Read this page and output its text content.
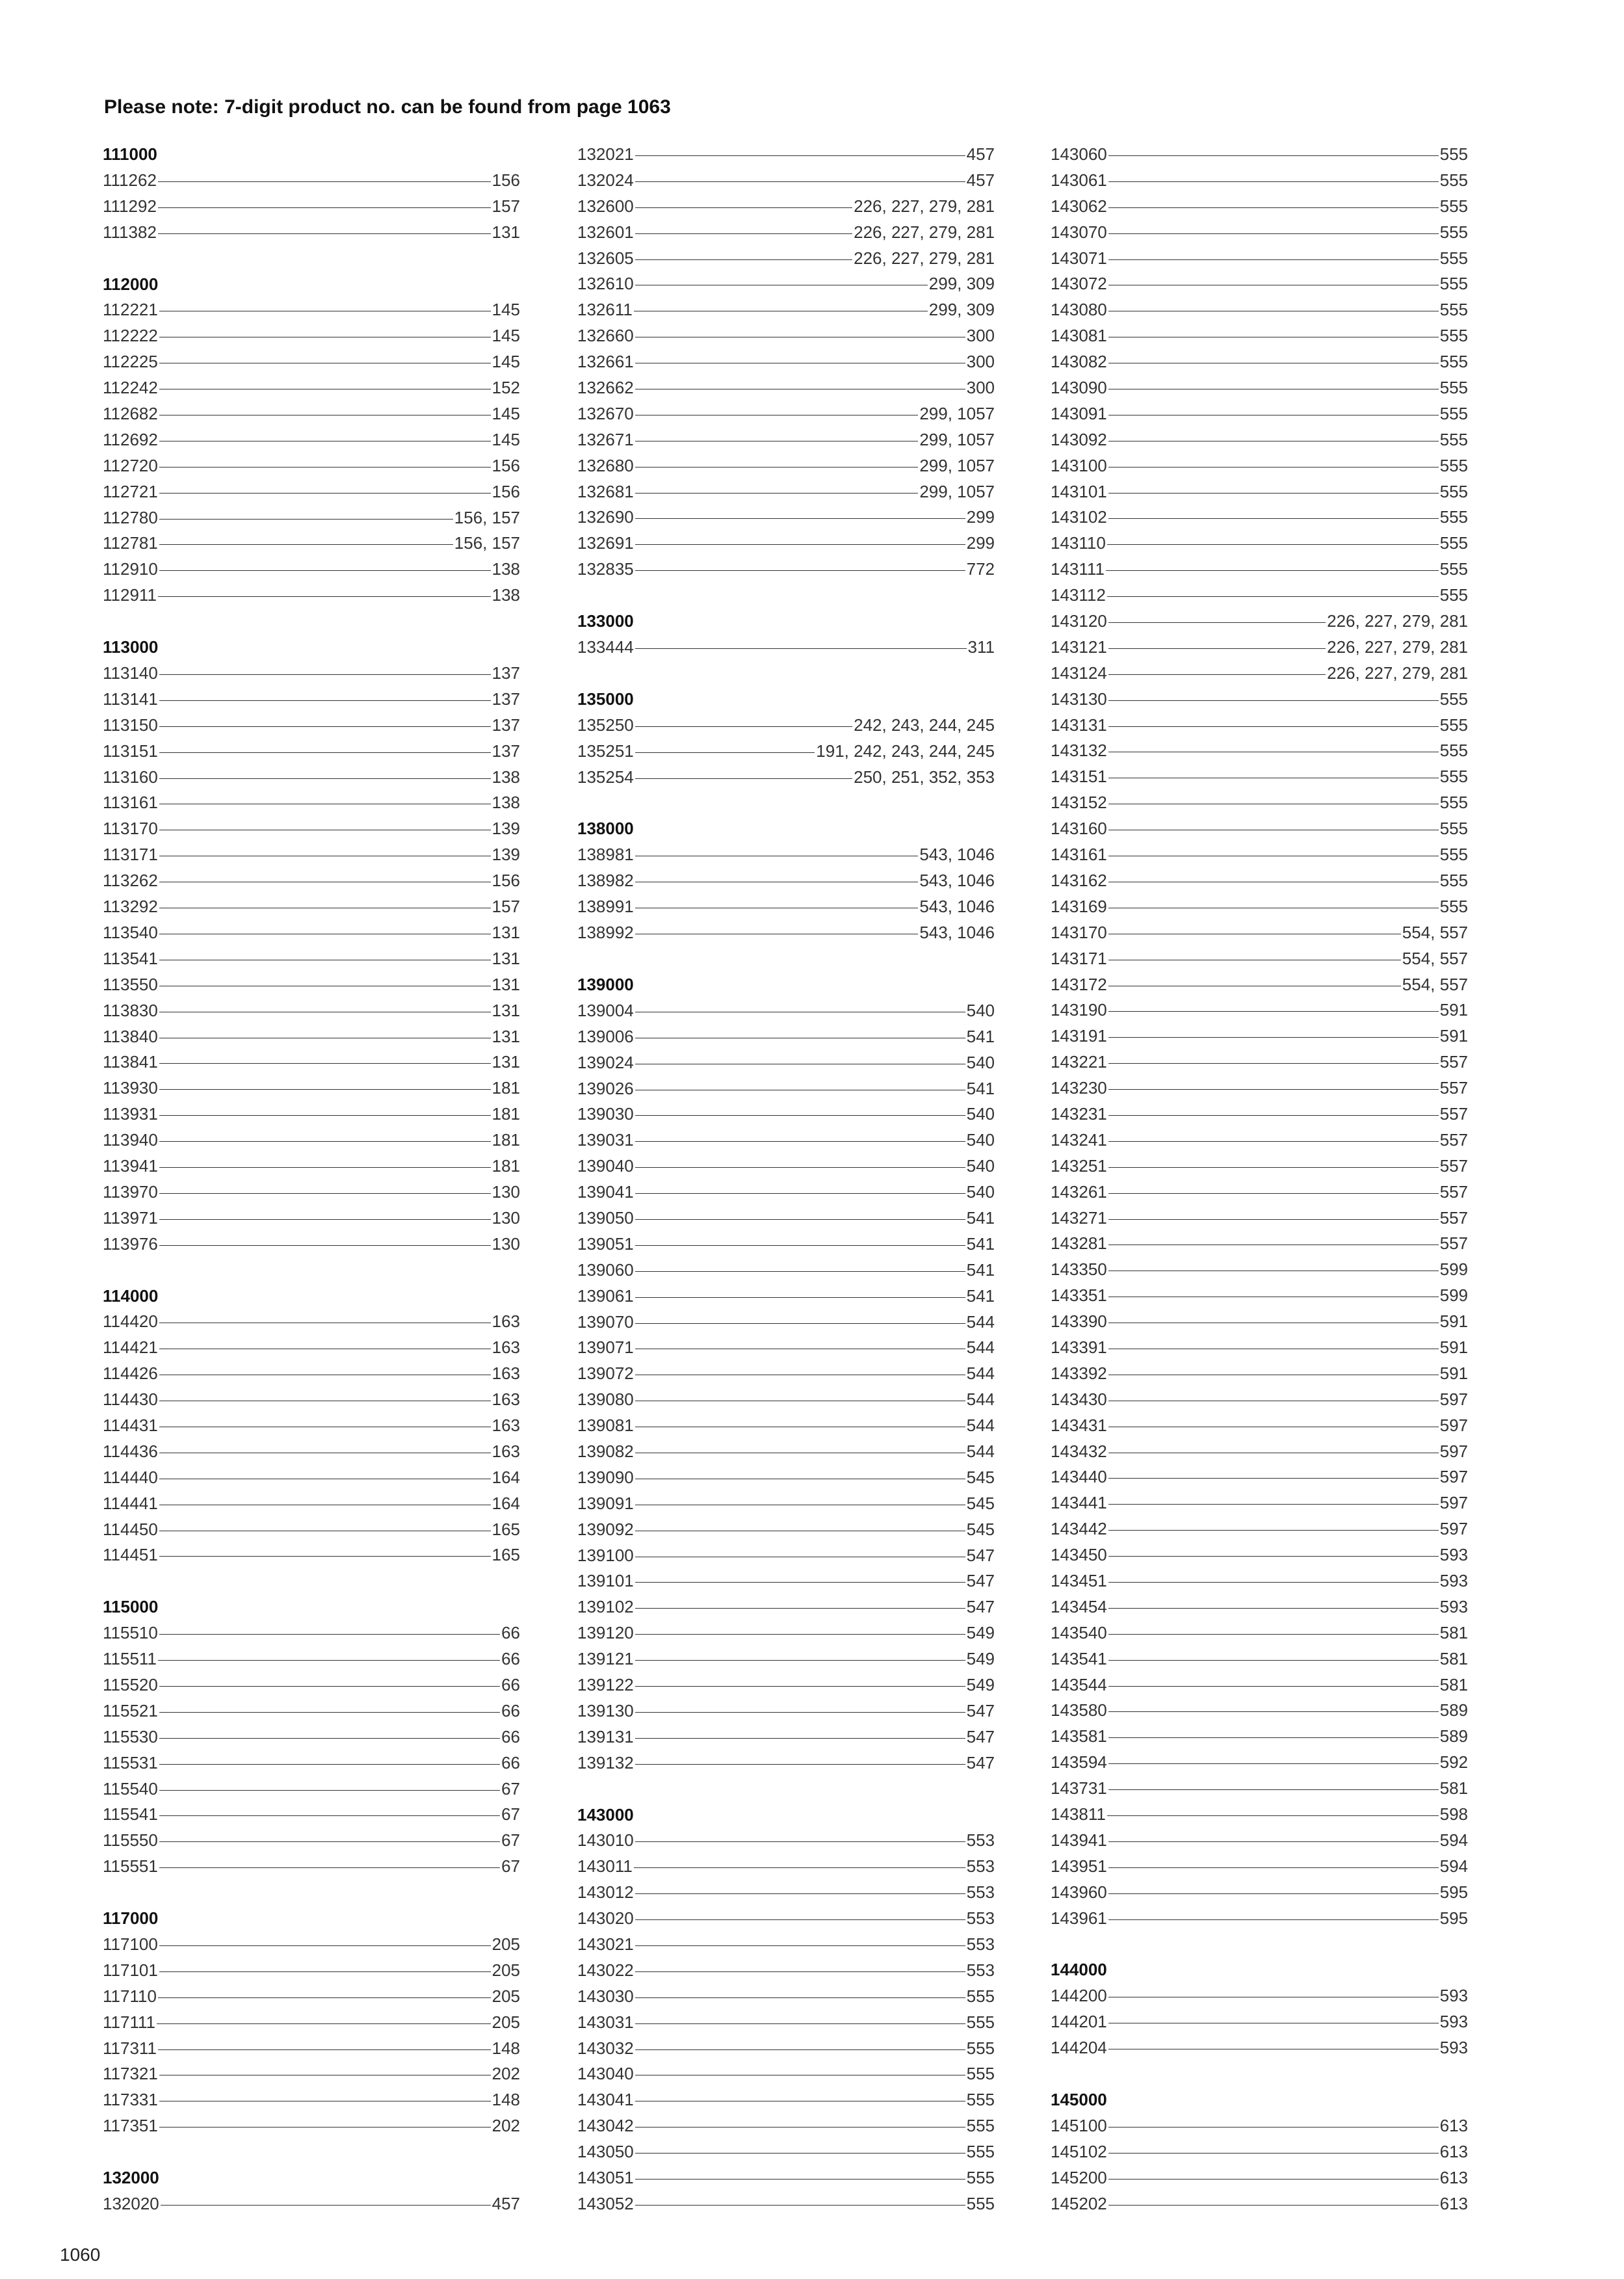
Please note: 7-digit product no. can be found from page 1063
111000
111262	156
111292	157
111382	131
112000
112221	145
112222	145
112225	145
112242	152
112682	145
112692	145
112720	156
112721	156
112780	156, 157
112781	156, 157
112910	138
112911	138
113000
113140	137
113141	137
113150	137
113151	137
113160	138
113161	138
113170	139
113171	139
113262	156
113292	157
113540	131
113541	131
113550	131
113830	131
113840	131
113841	131
113930	181
113931	181
113940	181
113941	181
113970	130
113971	130
113976	130
114000
114420	163
114421	163
114426	163
114430	163
114431	163
114436	163
114440	164
114441	164
114450	165
114451	165
115000
115510	66
115511	66
115520	66
115521	66
115530	66
115531	66
115540	67
115541	67
115550	67
115551	67
117000
117100	205
117101	205
117110	205
117111	205
117311	148
117321	202
117331	148
117351	202
132000
132020	457
132021	457
132024	457
132600	226, 227, 279, 281
132601	226, 227, 279, 281
132605	226, 227, 279, 281
132610	299, 309
132611	299, 309
132660	300
132661	300
132662	300
132670	299, 1057
132671	299, 1057
132680	299, 1057
132681	299, 1057
132690	299
132691	299
132835	772
133000
133444	311
135000
135250	242, 243, 244, 245
135251	191, 242, 243, 244, 245
135254	250, 251, 352, 353
138000
138981	543, 1046
138982	543, 1046
138991	543, 1046
138992	543, 1046
139000
139004	540
139006	541
139024	540
139026	541
139030	540
139031	540
139040	540
139041	540
139050	541
139051	541
139060	541
139061	541
139070	544
139071	544
139072	544
139080	544
139081	544
139082	544
139090	545
139091	545
139092	545
139100	547
139101	547
139102	547
139120	549
139121	549
139122	549
139130	547
139131	547
139132	547
143000
143010	553
143011	553
143012	553
143020	553
143021	553
143022	553
143030	555
143031	555
143032	555
143040	555
143041	555
143042	555
143050	555
143051	555
143052	555
143060	555
143061	555
143062	555
143070	555
143071	555
143072	555
143080	555
143081	555
143082	555
143090	555
143091	555
143092	555
143100	555
143101	555
143102	555
143110	555
143111	555
143112	555
143120	226, 227, 279, 281
143121	226, 227, 279, 281
143124	226, 227, 279, 281
143130	555
143131	555
143132	555
143151	555
143152	555
143160	555
143161	555
143162	555
143169	555
143170	554, 557
143171	554, 557
143172	554, 557
143190	591
143191	591
143221	557
143230	557
143231	557
143241	557
143251	557
143261	557
143271	557
143281	557
143350	599
143351	599
143390	591
143391	591
143392	591
143430	597
143431	597
143432	597
143440	597
143441	597
143442	597
143450	593
143451	593
143454	593
143540	581
143541	581
143544	581
143580	589
143581	589
143594	592
143731	581
143811	598
143941	594
143951	594
143960	595
143961	595
144000
144200	593
144201	593
144204	593
145000
145100	613
145102	613
145200	613
145202	613
1060
